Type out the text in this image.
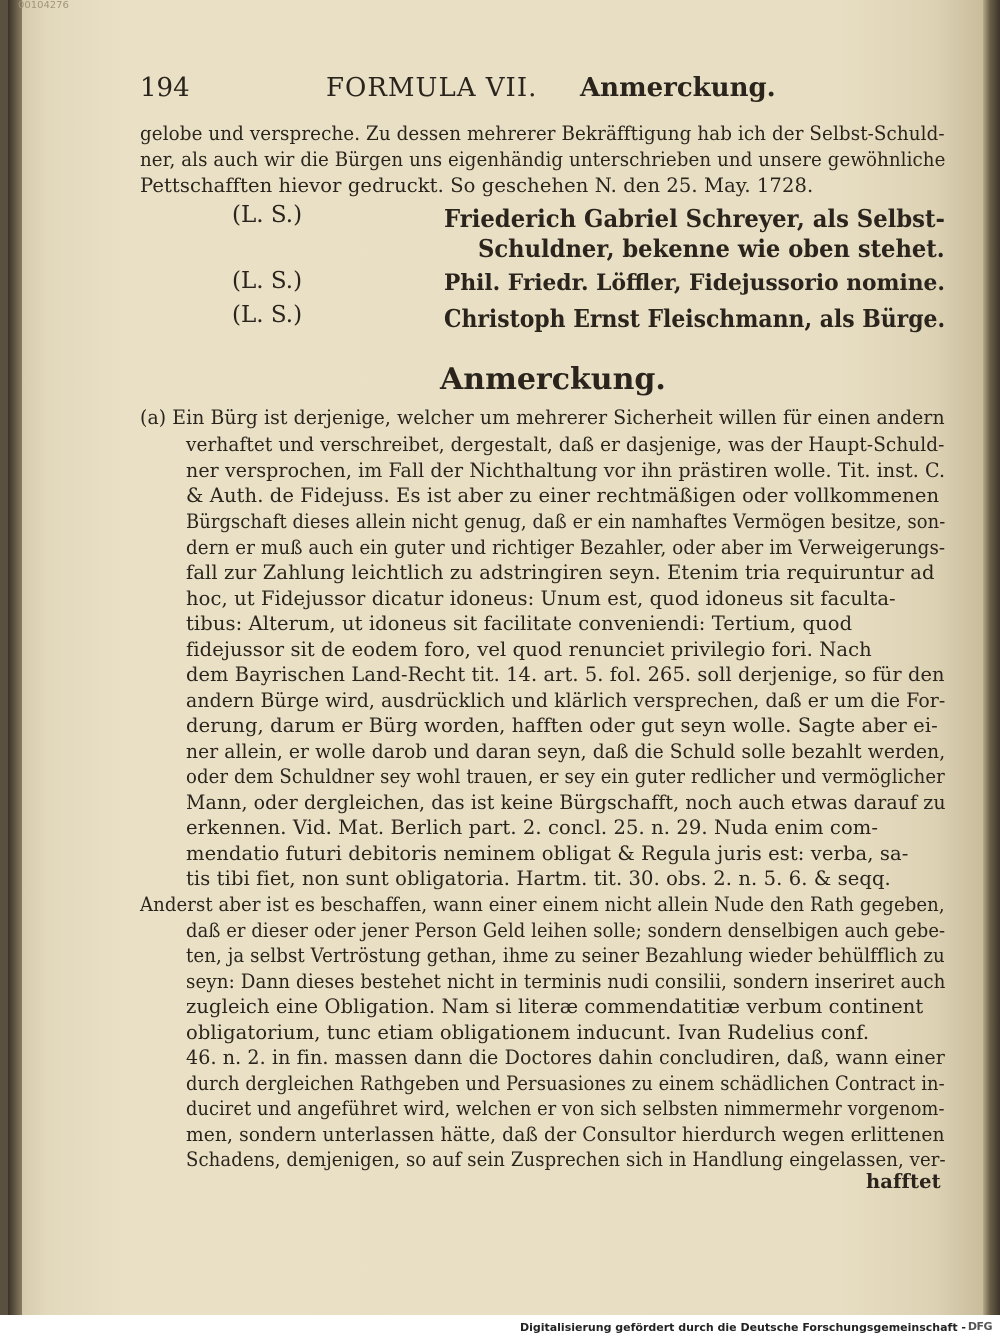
00104276
194	FORMULA VII. Anmerckung.
gelobe und verspreche. Zu dessen mehrerer Bekräfftigung hab ich der Selbst-Schuld-
ner, als auch wir die Bürgen uns eigenhändig unterschrieben und unsere gewöhnliche
Pettschafften hievor gedruckt. So geschehen N. den 25. May. 1728.
(L. S.)	Friederich Gabriel Schreyer, als Selbst-
Schuldner, bekenne wie oben stehet.
(L. S.)	Phil. Friedr. Löffler, Fidejussorio nomine.
(L. S.)	Christoph Ernst Fleischmann, als Bürge.
Anmerckung.
(a) Ein Bürg ist derjenige, welcher um mehrerer Sicherheit willen für einen andern
verhaftet und verschreibet, dergestalt, daß er dasjenige, was der Haupt-Schuld-
ner versprochen, im Fall der Nichthaltung vor ihn prästiren wolle. Tit. inst. C.
& Auth. de Fidejuss. Es ist aber zu einer rechtmäßigen oder vollkommenen
Bürgschaft dieses allein nicht genug, daß er ein namhaftes Vermögen besitze, son-
dern er muß auch ein guter und richtiger Bezahler, oder aber im Verweigerungs-
fall zur Zahlung leichtlich zu adstringiren seyn. Etenim tria requiruntur ad
hoc, ut Fidejussor dicatur idoneus: Unum est, quod idoneus sit faculta-
tibus: Alterum, ut idoneus sit facilitate conveniendi: Tertium, quod
fidejussor sit de eodem foro, vel quod renunciet privilegio fori. Nach
dem Bayrischen Land-Recht tit. 14. art. 5. fol. 265. soll derjenige, so für den
andern Bürge wird, ausdrücklich und klärlich versprechen, daß er um die For-
derung, darum er Bürg worden, hafften oder gut seyn wolle. Sagte aber ei-
ner allein, er wolle darob und daran seyn, daß die Schuld solle bezahlt werden,
oder dem Schuldner sey wohl trauen, er sey ein guter redlicher und vermöglicher
Mann, oder dergleichen, das ist keine Bürgschafft, noch auch etwas darauf zu
erkennen. Vid. Mat. Berlich part. 2. concl. 25. n. 29. Nuda enim com-
mendatio futuri debitoris neminem obligat & Regula juris est: verba, sa-
tis tibi fiet, non sunt obligatoria. Hartm. tit. 30. obs. 2. n. 5. 6. & seqq.
Anderst aber ist es beschaffen, wann einer einem nicht allein Nude den Rath gegeben,
daß er dieser oder jener Person Geld leihen solle; sondern denselbigen auch gebe-
ten, ja selbst Vertröstung gethan, ihme zu seiner Bezahlung wieder behülfflich zu
seyn: Dann dieses bestehet nicht in terminis nudi consilii, sondern inseriret auch
zugleich eine Obligation. Nam si literæ commendatitiæ verbum continent
obligatorium, tunc etiam obligationem inducunt. Ivan Rudelius conf.
46. n. 2. in fin. massen dann die Doctores dahin concludiren, daß, wann einer
durch dergleichen Rathgeben und Persuasiones zu einem schädlichen Contract in-
duciret und angeführet wird, welchen er von sich selbsten nimmermehr vorgenom-
men, sondern unterlassen hätte, daß der Consultor hierdurch wegen erlittenen
Schadens, demjenigen, so auf sein Zusprechen sich in Handlung eingelassen, ver-
hafftet
Digitalisierung gefördert durch die Deutsche Forschungsgemeinschaft - DFG
